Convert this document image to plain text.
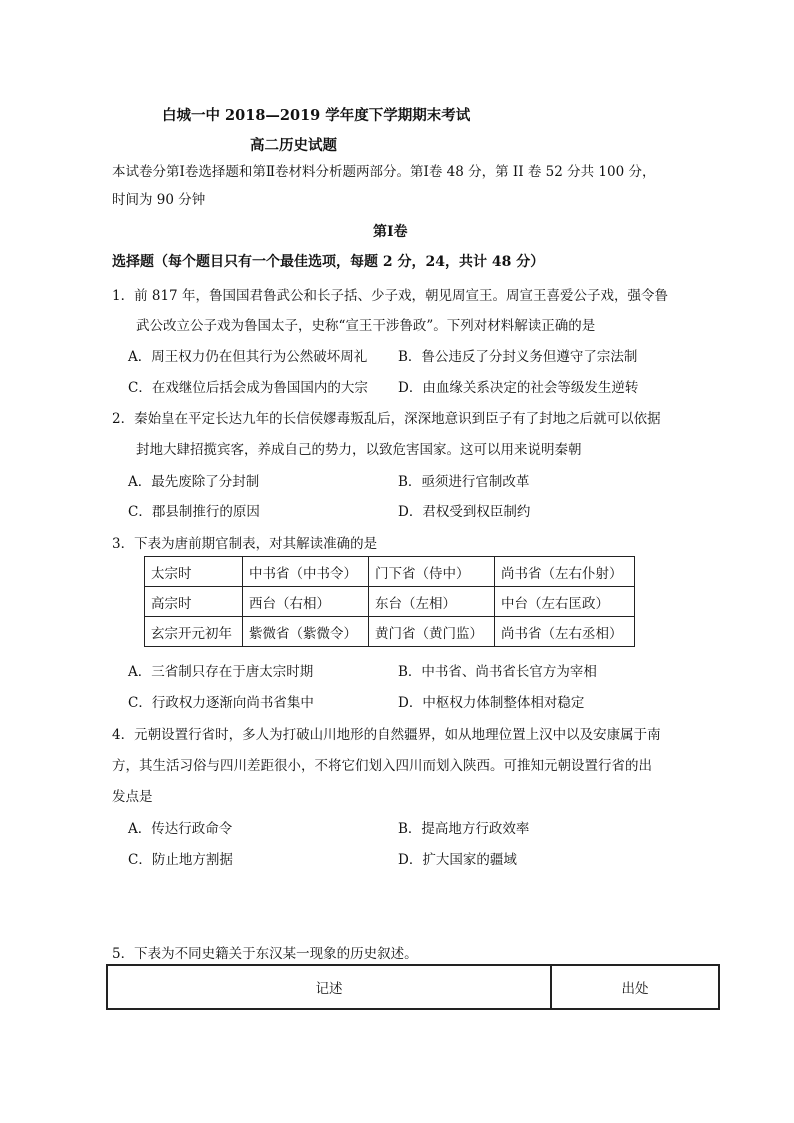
白城一中 2018—2019 学年度下学期期末考试
高二历史试题
本试卷分第Ⅰ卷选择题和第Ⅱ卷材料分析题两部分。第Ⅰ卷 48 分，第 II 卷 52 分共 100 分，
时间为 90 分钟
第Ⅰ卷
选择题（每个题目只有一个最佳选项，每题 2 分，24，共计 48 分）
1．前 817 年，鲁国国君鲁武公和长子括、少子戏，朝见周宣王。周宣王喜爱公子戏，强令鲁
武公改立公子戏为鲁国太子，史称“宣王干涉鲁政”。下列对材料解读正确的是
A．周王权力仍在但其行为公然破坏周礼 B．鲁公违反了分封义务但遵守了宗法制
C．在戏继位后括会成为鲁国国内的大宗 D．由血缘关系决定的社会等级发生逆转
2．秦始皇在平定长达九年的长信侯嫪毒叛乱后，深深地意识到臣子有了封地之后就可以依据
封地大肆招揽宾客，养成自己的势力，以致危害国家。这可以用来说明秦朝
A．最先废除了分封制	B．亟须进行官制改革
C．郡县制推行的原因	D．君权受到权臣制约
3．下表为唐前期官制表，对其解读准确的是
太宗时	中书省（中书令）	门下省（侍中）	尚书省（左右仆射）
高宗时	西台（右相）	东台（左相）	中台（左右匡政）
玄宗开元初年	紫微省（紫微令）	黄门省（黄门监）	尚书省（左右丞相）
A．三省制只存在于唐太宗时期	B．中书省、尚书省长官方为宰相
C．行政权力逐渐向尚书省集中	D．中枢权力体制整体相对稳定
4．元朝设置行省时，多人为打破山川地形的自然疆界，如从地理位置上汉中以及安康属于南
方，其生活习俗与四川差距很小，不将它们划入四川而划入陕西。可推知元朝设置行省的出
发点是
A．传达行政命令	B．提高地方行政效率
C．防止地方割据	D．扩大国家的疆域
5．下表为不同史籍关于东汉某一现象的历史叙述。
记述	出处
